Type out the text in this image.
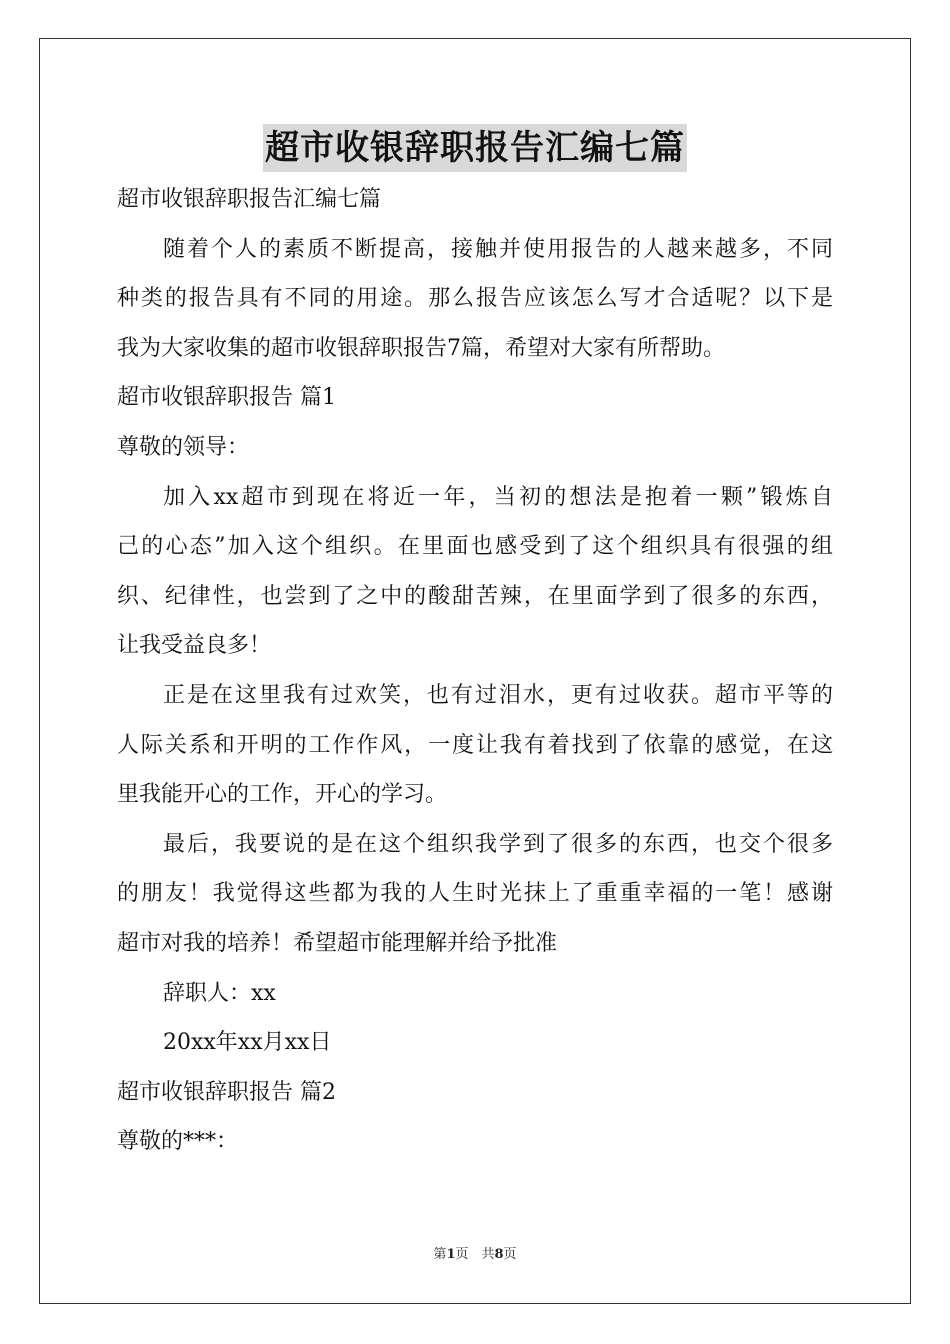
超市收银辞职报告汇编七篇
超市收银辞职报告汇编七篇
随着个人的素质不断提高，接触并使用报告的人越来越多，不同
种类的报告具有不同的用途。那么报告应该怎么写才合适呢？以下是
我为大家收集的超市收银辞职报告7篇，希望对大家有所帮助。
超市收银辞职报告 篇1
尊敬的领导：
加入xx超市到现在将近一年，当初的想法是抱着一颗”锻炼自
己的心态”加入这个组织。在里面也感受到了这个组织具有很强的组
织、纪律性，也尝到了之中的酸甜苦辣，在里面学到了很多的东西，
让我受益良多！
正是在这里我有过欢笑，也有过泪水，更有过收获。超市平等的
人际关系和开明的工作作风，一度让我有着找到了依靠的感觉，在这
里我能开心的工作，开心的学习。
最后，我要说的是在这个组织我学到了很多的东西，也交个很多
的朋友！我觉得这些都为我的人生时光抹上了重重幸福的一笔！感谢
超市对我的培养！希望超市能理解并给予批准
辞职人：xx
20xx年xx月xx日
超市收银辞职报告 篇2
尊敬的***：
第1页　共8页
